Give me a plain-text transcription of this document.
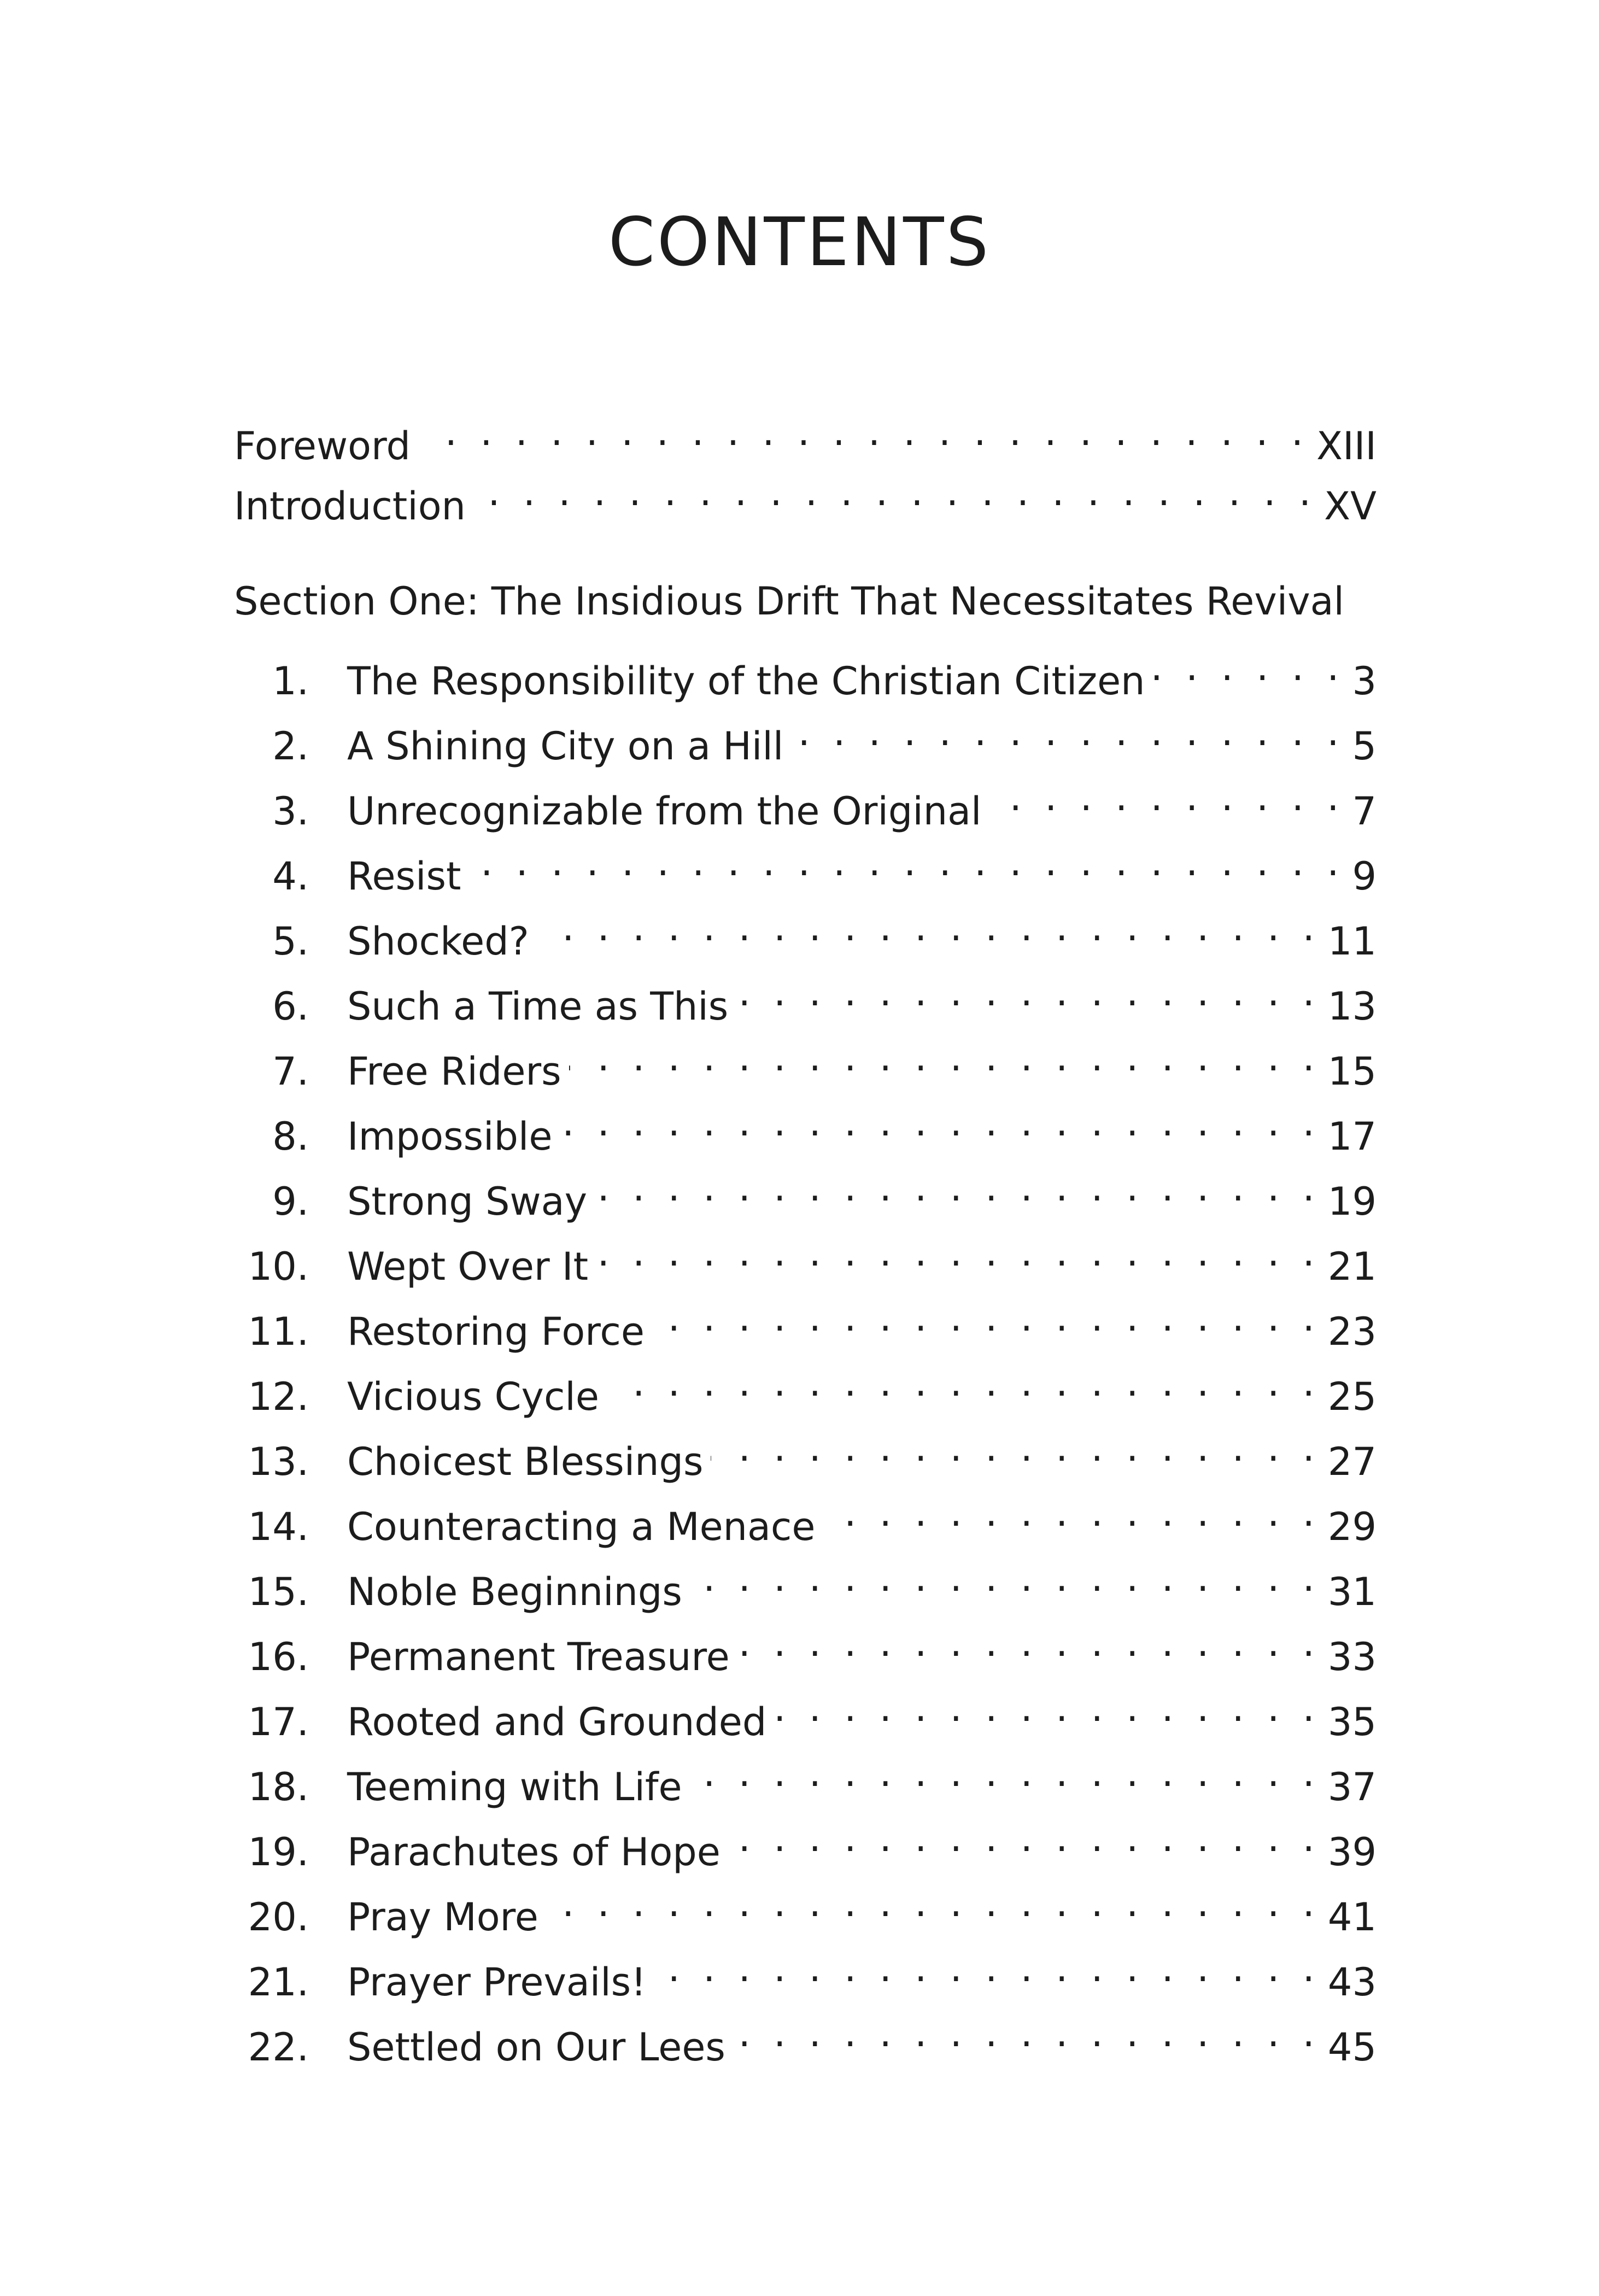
CONTENTS
Foreword . . .	XIII
Introduction . . .	XV
Section One: The Insidious Drift That Necessitates Revival
1.	The Responsibility of the Christian Citizen . . .	3
2.	A Shining City on a Hill . . .	5
3.	Unrecognizable from the Original . . .	7
4.	Resist . . .	9
5.	Shocked? . . .	11
6.	Such a Time as This . . .	13
7.	Free Riders . . .	15
8.	Impossible . . .	17
9.	Strong Sway . . .	19
10.	Wept Over It . . .	21
11.	Restoring Force . . .	23
12.	Vicious Cycle . . .	25
13.	Choicest Blessings . . .	27
14.	Counteracting a Menace . . .	29
15.	Noble Beginnings . . .	31
16.	Permanent Treasure . . .	33
17.	Rooted and Grounded . . .	35
18.	Teeming with Life . . .	37
19.	Parachutes of Hope . . .	39
20.	Pray More . . .	41
21.	Prayer Prevails! . . .	43
22.	Settled on Our Lees . . .	45
